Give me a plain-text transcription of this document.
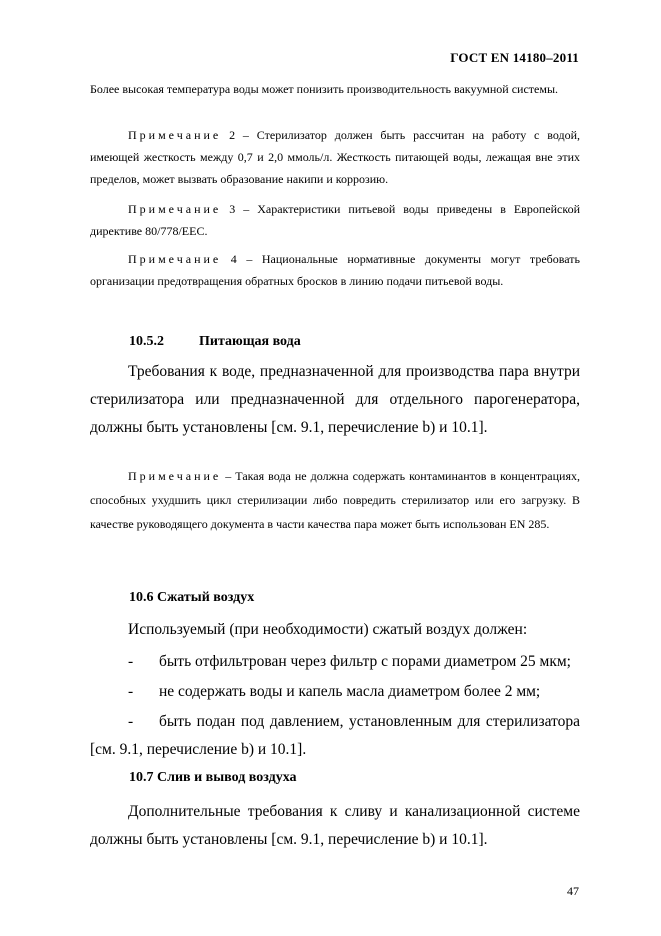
ГОСТ EN 14180–2011

Более высокая температура воды может понизить производительность вакуумной системы.

Примечание 2 – Стерилизатор должен быть рассчитан на работу с водой, имеющей жесткость между 0,7 и 2,0 ммоль/л. Жесткость питающей воды, лежащая вне этих пределов, может вызвать образование накипи и коррозию.

Примечание 3 – Характеристики питьевой воды приведены в Европейской директиве 80/778/EEC.

Примечание 4 – Национальные нормативные документы могут требовать организации предотвращения обратных бросков в линию подачи питьевой воды.

10.5.2	Питающая вода

Требования к воде, предназначенной для производства пара внутри стерилизатора или предназначенной для отдельного парогенератора, должны быть установлены [см. 9.1, перечисление b) и 10.1].

Примечание – Такая вода не должна содержать контаминантов в концентрациях, способных ухудшить цикл стерилизации либо повредить стерилизатор или его загрузку. В качестве руководящего документа в части качества пара может быть использован EN 285.

10.6 Сжатый воздух

Используемый (при необходимости) сжатый воздух должен:

- быть отфильтрован через фильтр с порами диаметром 25 мкм;
- не содержать воды и капель масла диаметром более 2 мм;
- быть подан под давлением, установленным для стерилизатора

[см. 9.1, перечисление b) и 10.1].

10.7 Слив и вывод воздуха

Дополнительные требования к сливу и канализационной системе должны быть установлены [см. 9.1, перечисление b) и 10.1].

47
